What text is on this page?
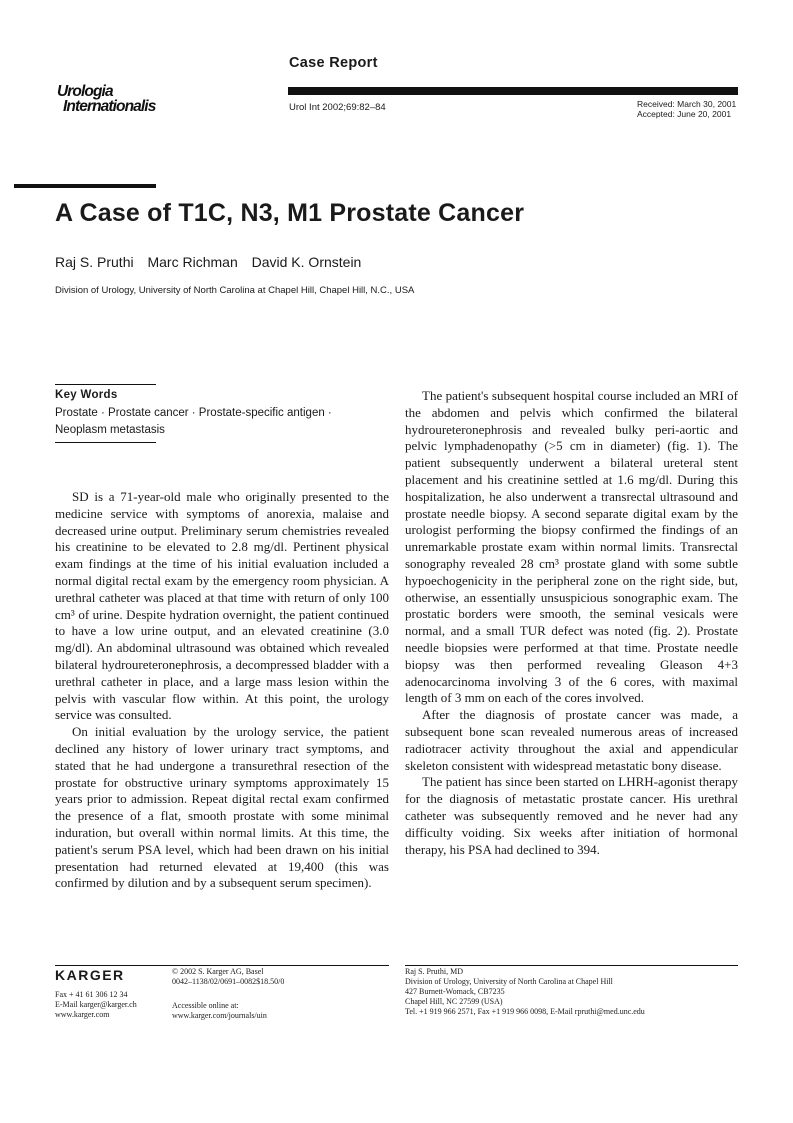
Urologia
Internationalis
Case Report
Urol Int 2002;69:82–84	Received: March 30, 2001
Accepted: June 20, 2001
A Case of T1C, N3, M1 Prostate Cancer
Raj S. Pruthi Marc Richman David K. Ornstein
Division of Urology, University of North Carolina at Chapel Hill, Chapel Hill, N.C., USA
Key Words
Prostate · Prostate cancer · Prostate-specific antigen · Neoplasm metastasis

SD is a 71-year-old male who originally presented to the medicine service with symptoms of anorexia, malaise and decreased urine output. Preliminary serum chemistries revealed his creatinine to be elevated to 2.8 mg/dl. Pertinent physical exam findings at the time of his initial evaluation included a normal digital rectal exam by the emergency room physician. A urethral catheter was placed at that time with return of only 100 cm³ of urine. Despite hydration overnight, the patient continued to have a low urine output, and an elevated creatinine (3.0 mg/dl). An abdominal ultrasound was obtained which revealed bilateral hydroureteronephrosis, a decompressed bladder with a urethral catheter in place, and a large mass lesion within the pelvis with vascular flow within. At this point, the urology service was consulted.

On initial evaluation by the urology service, the patient declined any history of lower urinary tract symptoms, and stated that he had undergone a transurethral resection of the prostate for obstructive urinary symptoms approximately 15 years prior to admission. Repeat digital rectal exam confirmed the presence of a flat, smooth prostate with some minimal induration, but overall within normal limits. At this time, the patient's serum PSA level, which had been drawn on his initial presentation had returned elevated at 19,400 (this was confirmed by dilution and by a subsequent serum specimen).

The patient's subsequent hospital course included an MRI of the abdomen and pelvis which confirmed the bilateral hydroureteronephrosis and revealed bulky peri-aortic and pelvic lymphadenopathy (>5 cm in diameter) (fig. 1). The patient subsequently underwent a bilateral ureteral stent placement and his creatinine settled at 1.6 mg/dl. During this hospitalization, he also underwent a transrectal ultrasound and prostate needle biopsy. A second separate digital exam by the urologist performing the biopsy confirmed the findings of an unremarkable prostate exam within normal limits. Transrectal sonography revealed 28 cm³ prostate gland with some subtle hypoechogenicity in the peripheral zone on the right side, but, otherwise, an essentially unsuspicious sonographic exam. The prostatic borders were smooth, the seminal vesicals were normal, and a small TUR defect was noted (fig. 2). Prostate needle biopsies were performed at that time. Prostate needle biopsy was then performed revealing Gleason 4+3 adenocarcinoma involving 3 of the 6 cores, with maximal length of 3 mm on each of the cores involved.

After the diagnosis of prostate cancer was made, a subsequent bone scan revealed numerous areas of increased radiotracer activity throughout the axial and appendicular skeleton consistent with widespread metastatic bony disease.

The patient has since been started on LHRH-agonist therapy for the diagnosis of metastatic prostate cancer. His urethral catheter was subsequently removed and he never had any difficulty voiding. Six weeks after initiation of hormonal therapy, his PSA had declined to 394.

KARGER
Fax + 41 61 306 12 34
E-Mail karger@karger.ch
www.karger.com
© 2002 S. Karger AG, Basel
0042–1138/02/0691–0082$18.50/0
Accessible online at:
www.karger.com/journals/uin
Raj S. Pruthi, MD
Division of Urology, University of North Carolina at Chapel Hill
427 Burnett-Womack, CB7235
Chapel Hill, NC 27599 (USA)
Tel. +1 919 966 2571, Fax +1 919 966 0098, E-Mail rpruthi@med.unc.edu
